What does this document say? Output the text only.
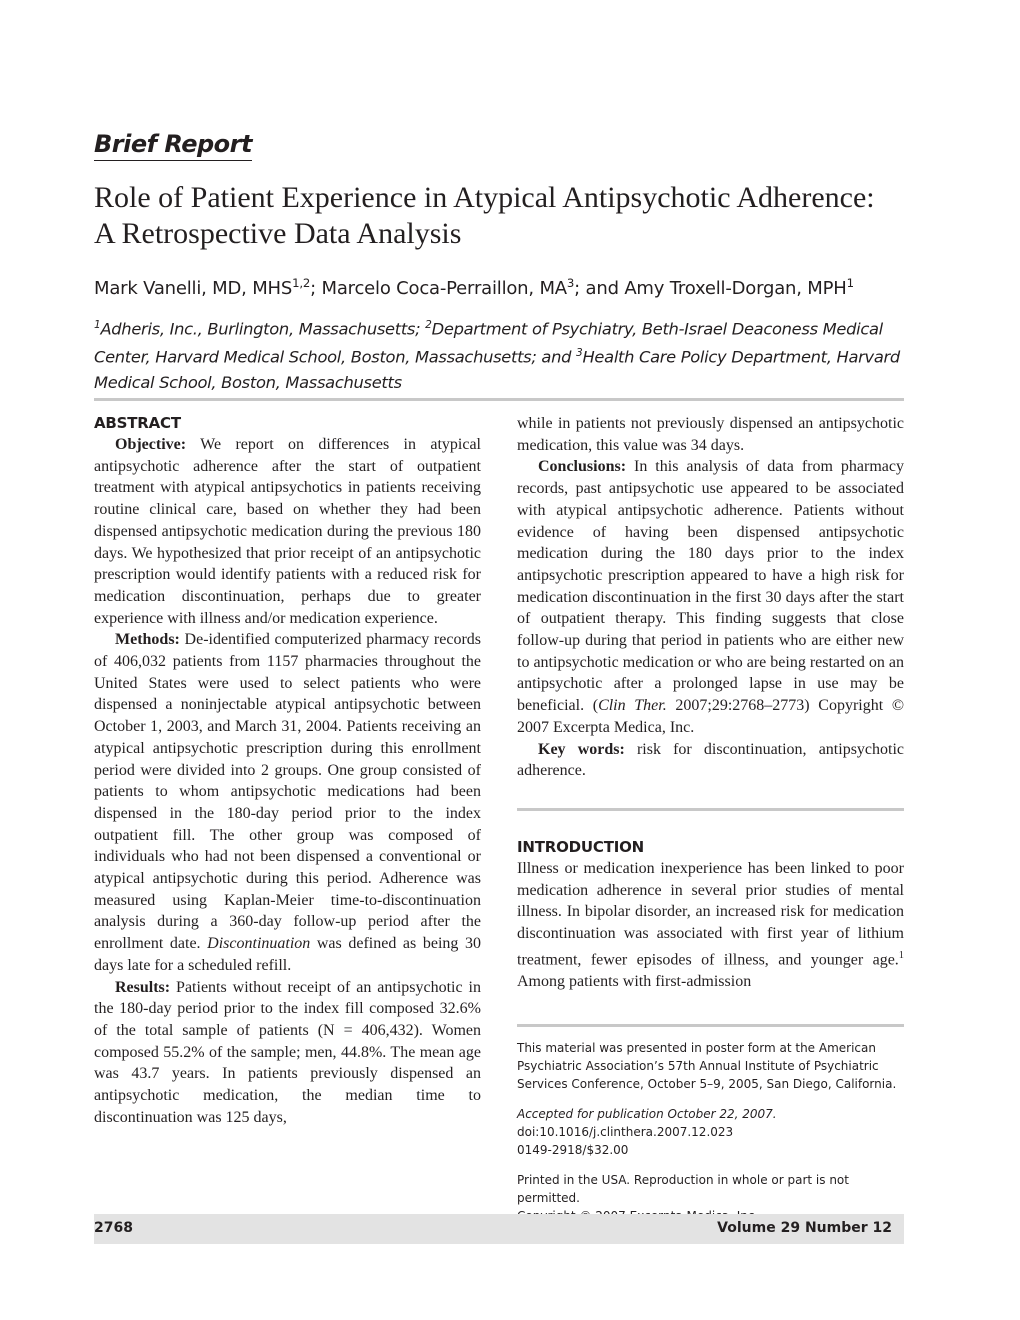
Brief Report
Role of Patient Experience in Atypical Antipsychotic Adherence:
A Retrospective Data Analysis
Mark Vanelli, MD, MHS$^{1,2}$; Marcelo Coca-Perraillon, $MA^3$; and Amy Troxell-Dorgan, MPH$^1$
$^1$Adheris, Inc., Burlington, Massachusetts; $^2$Department of Psychiatry, Beth-Israel Deaconess Medical Center, Harvard Medical School, Boston, Massachusetts; and $^3$Health Care Policy Department, Harvard Medical School, Boston, Massachusetts
ABSTRACT

Objective: We report on differences in atypical antipsychotic adherence after the start of outpatient treatment with atypical antipsychotics in patients receiving routine clinical care, based on whether they had been dispensed antipsychotic medication during the previous 180 days. We hypothesized that prior receipt of an antipsychotic prescription would identify patients with a reduced risk for medication discontinuation, perhaps due to greater experience with illness and/or medication experience.

Methods: De-identified computerized pharmacy records of 406,032 patients from 1157 pharmacies throughout the United States were used to select patients who were dispensed a noninjectable atypical antipsychotic between October 1, 2003, and March 31, 2004. Patients receiving an atypical antipsychotic prescription during this enrollment period were divided into 2 groups. One group consisted of patients to whom antipsychotic medications had been dispensed in the 180-day period prior to the index outpatient fill. The other group was composed of individuals who had not been dispensed a conventional or atypical antipsychotic during this period. Adherence was measured using Kaplan-Meier time-to-discontinuation analysis during a 360-day follow-up period after the enrollment date. Discontinuation was defined as being 30 days late for a scheduled refill.

Results: Patients without receipt of an antipsychotic in the 180-day period prior to the index fill composed 32.6% of the total sample of patients (N = 406,432). Women composed 55.2% of the sample; men, 44.8%. The mean age was 43.7 years. In patients previously dispensed an antipsychotic medication, the median time to discontinuation was 125 days,

while in patients not previously dispensed an antipsychotic medication, this value was 34 days.

Conclusions: In this analysis of data from pharmacy records, past antipsychotic use appeared to be associated with atypical antipsychotic adherence. Patients without evidence of having been dispensed antipsychotic medication during the 180 days prior to the index antipsychotic prescription appeared to have a high risk for medication discontinuation in the first 30 days after the start of outpatient therapy. This finding suggests that close follow-up during that period in patients who are either new to antipsychotic medication or who are being restarted on an antipsychotic after a prolonged lapse in use may be beneficial. (Clin Ther. 2007;29:2768–2773) Copyright © 2007 Excerpta Medica, Inc.

Key words: risk for discontinuation, antipsychotic adherence.

INTRODUCTION

Illness or medication inexperience has been linked to poor medication adherence in several prior studies of mental illness. In bipolar disorder, an increased risk for medication discontinuation was associated with first year of lithium treatment, fewer episodes of illness, and younger age.$^1$ Among patients with first-admission

This material was presented in poster form at the American Psychiatric Association’s 57th Annual Institute of Psychiatric Services Conference, October 5–9, 2005, San Diego, California.
Accepted for publication October 22, 2007.
doi:10.1016/j.clinthera.2007.12.023
0149-2918/$32.00
Printed in the USA. Reproduction in whole or part is not permitted.
2768	Volume 29 Number 12
